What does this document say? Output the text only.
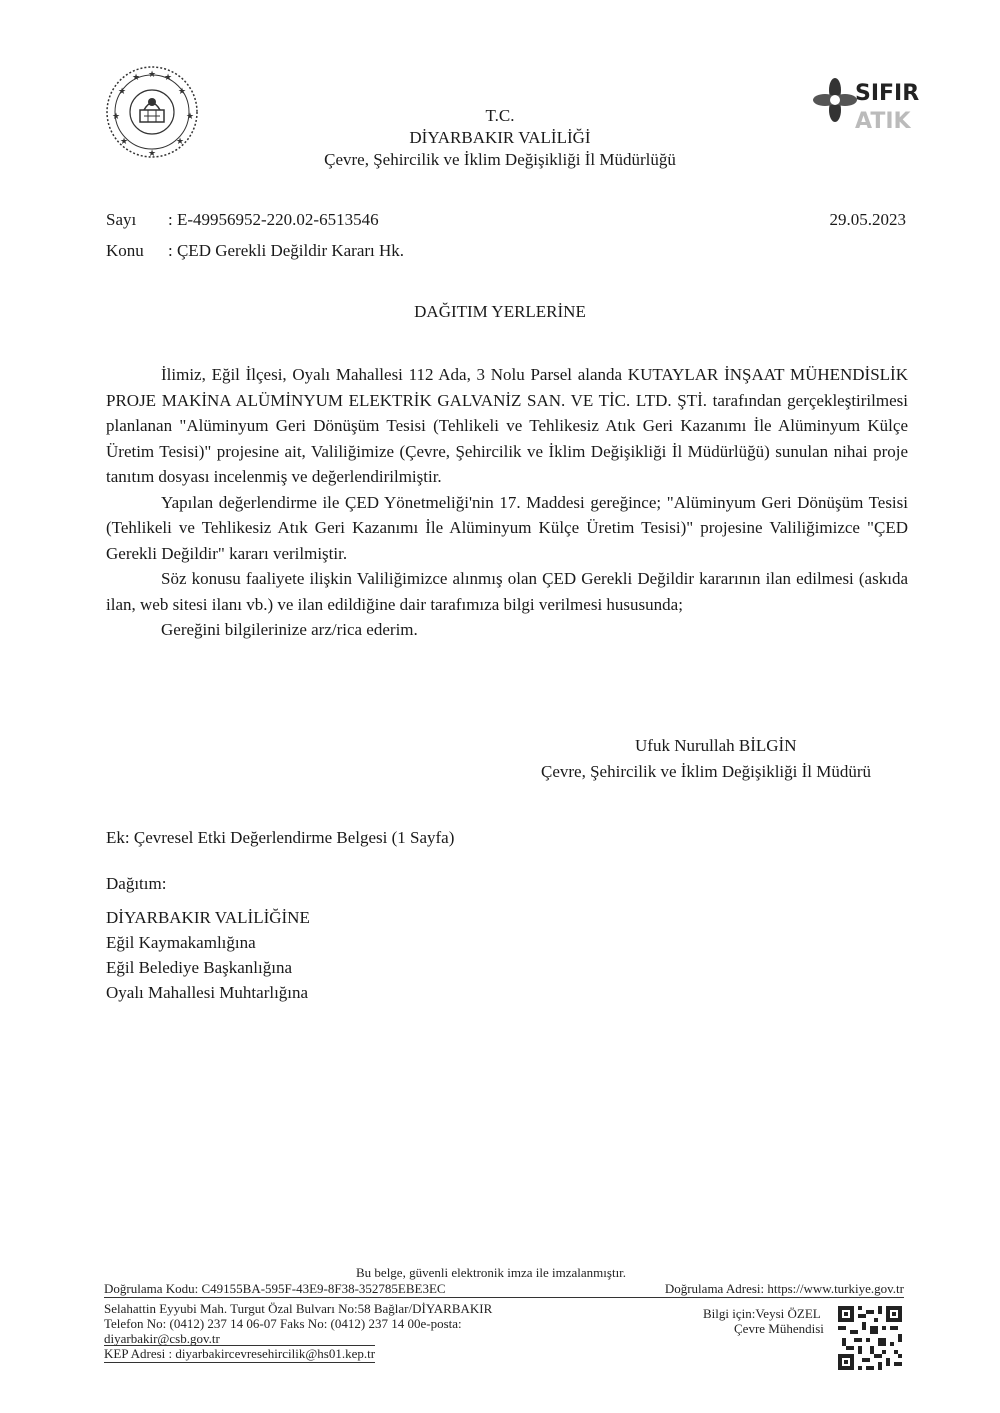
★
★	★
★	★
★	★
★
★	★
SIFIR
ATIK
T.C.
DİYARBAKIR VALİLİĞİ
Çevre, Şehircilik ve İklim Değişikliği İl Müdürlüğü
Sayı : E-49956952-220.02-6513546	29.05.2023
Konu : ÇED Gerekli Değildir Kararı Hk.
DAĞITIM YERLERİNE

İlimiz, Eğil İlçesi, Oyalı Mahallesi 112 Ada, 3 Nolu Parsel alanda KUTAYLAR İNŞAAT MÜHENDİSLİK PROJE MAKİNA ALÜMİNYUM ELEKTRİK GALVANİZ SAN. VE TİC. LTD. ŞTİ. tarafından gerçekleştirilmesi planlanan "Alüminyum Geri Dönüşüm Tesisi (Tehlikeli ve Tehlikesiz Atık Geri Kazanımı İle Alüminyum Külçe Üretim Tesisi)" projesine ait, Valiliğimize (Çevre, Şehircilik ve İklim Değişikliği İl Müdürlüğü) sunulan nihai proje tanıtım dosyası incelenmiş ve değerlendirilmiştir.

Yapılan değerlendirme ile ÇED Yönetmeliği'nin 17. Maddesi gereğince; "Alüminyum Geri Dönüşüm Tesisi (Tehlikeli ve Tehlikesiz Atık Geri Kazanımı İle Alüminyum Külçe Üretim Tesisi)" projesine Valiliğimizce "ÇED Gerekli Değildir" kararı verilmiştir.

Söz konusu faaliyete ilişkin Valiliğimizce alınmış olan ÇED Gerekli Değildir kararının ilan edilmesi (askıda ilan, web sitesi ilanı vb.) ve ilan edildiğine dair tarafımıza bilgi verilmesi hususunda;

Gereğini bilgilerinize arz/rica ederim.

Ufuk Nurullah BİLGİN
Çevre, Şehircilik ve İklim Değişikliği İl Müdürü
Ek: Çevresel Etki Değerlendirme Belgesi (1 Sayfa)
Dağıtım:
DİYARBAKIR VALİLİĞİNE
Eğil Kaymakamlığına
Eğil Belediye Başkanlığına
Oyalı Mahallesi Muhtarlığına
Bu belge, güvenli elektronik imza ile imzalanmıştır.
Doğrulama Kodu: C49155BA-595F-43E9-8F38-352785EBE3EC	Doğrulama Adresi: https://www.turkiye.gov.tr
Selahattin Eyyubi Mah. Turgut Özal Bulvarı No:58 Bağlar/DİYARBAKIR
Telefon No: (0412) 237 14 06-07 Faks No: (0412) 237 14 00e-posta:
diyarbakir@csb.gov.tr
KEP Adresi : diyarbakircevresehircilik@hs01.kep.tr
Bilgi için:Veysi ÖZEL
Çevre Mühendisi
